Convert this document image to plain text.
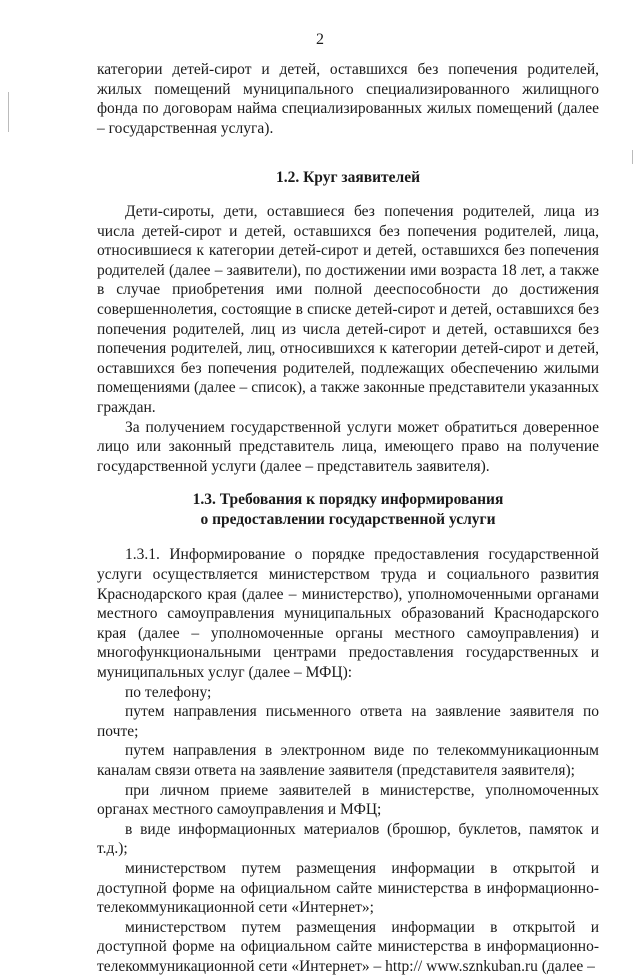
2

категории детей-сирот и детей, оставшихся без попечения родителей, жилых помещений муниципального специализированного жилищного фонда по договорам найма специализированных жилых помещений (далее – государственная услуга).

1.2. Круг заявителей

Дети-сироты, дети, оставшиеся без попечения родителей, лица из числа детей-сирот и детей, оставшихся без попечения родителей, лица, относившиеся к категории детей-сирот и детей, оставшихся без попечения родителей (далее – заявители), по достижении ими возраста 18 лет, а также в случае приобретения ими полной дееспособности до достижения совершеннолетия, состоящие в списке детей-сирот и детей, оставшихся без попечения родителей, лиц из числа детей-сирот и детей, оставшихся без попечения родителей, лиц, относившихся к категории детей-сирот и детей, оставшихся без попечения родителей, подлежащих обеспечению жилыми помещениями (далее – список), а также законные представители указанных граждан.

За получением государственной услуги может обратиться доверенное лицо или законный представитель лица, имеющего право на получение государственной услуги (далее – представитель заявителя).

1.3. Требования к порядку информирования
о предоставлении государственной услуги

1.3.1. Информирование о порядке предоставления государственной услуги осуществляется министерством труда и социального развития Краснодарского края (далее – министерство), уполномоченными органами местного самоуправления муниципальных образований Краснодарского края (далее – уполномоченные органы местного самоуправления) и многофункциональными центрами предоставления государственных и муниципальных услуг (далее – МФЦ):

по телефону;

путем направления письменного ответа на заявление заявителя по почте;

путем направления в электронном виде по телекоммуникационным каналам связи ответа на заявление заявителя (представителя заявителя);

при личном приеме заявителей в министерстве, уполномоченных органах местного самоуправления и МФЦ;

в виде информационных материалов (брошюр, буклетов, памяток и т.д.);

министерством путем размещения информации в открытой и доступной форме на официальном сайте министерства в информационно-телекоммуникационной сети «Интернет»;

министерством путем размещения информации в открытой и доступной форме на официальном сайте министерства в информационно-телекоммуникационной сети «Интернет» – http:// www.sznkuban.ru (далее –
